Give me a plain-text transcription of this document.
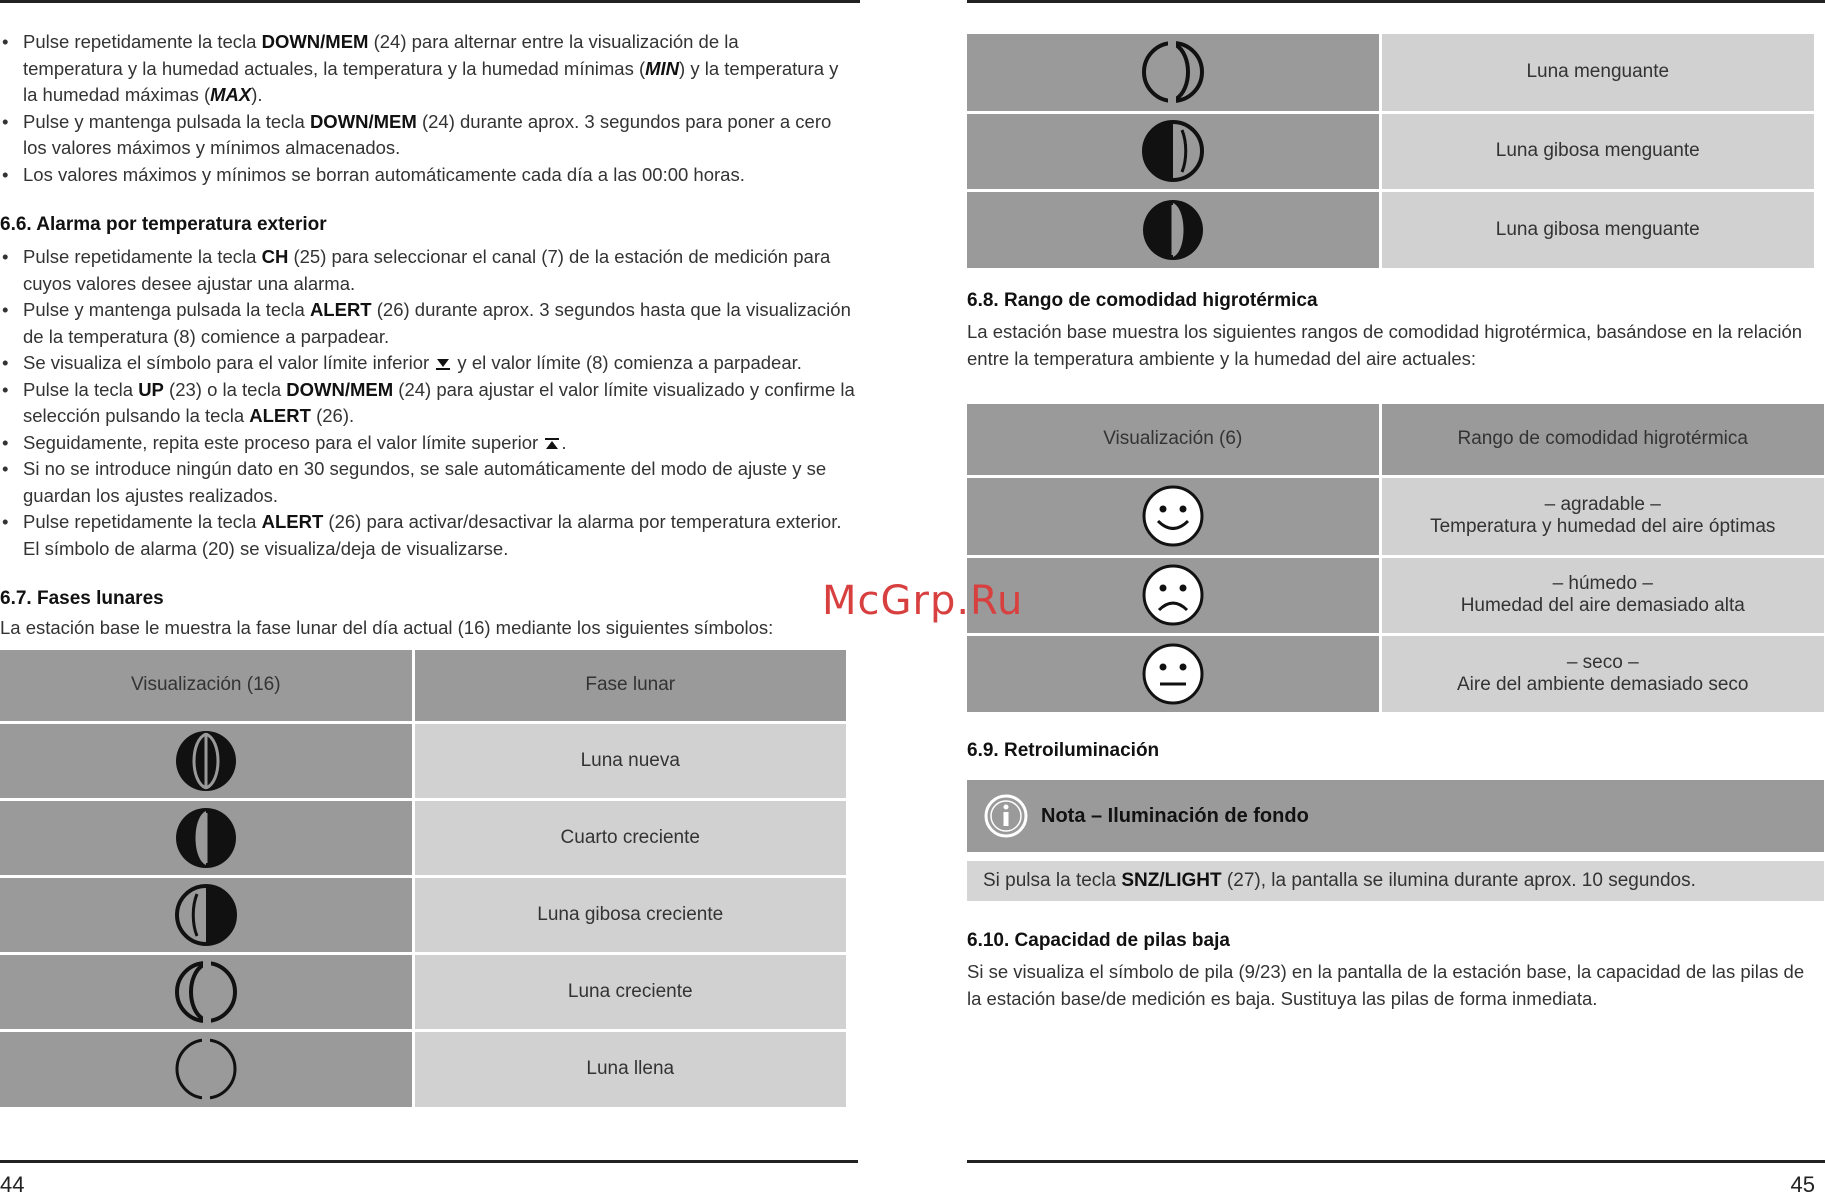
• Pulse repetidamente la tecla DOWN/MEM (24) para alternar entre la visualización de la temperatura y la humedad actuales, la temperatura y la humedad mínimas (MIN) y la temperatura y la humedad máximas (MAX).
• Pulse y mantenga pulsada la tecla DOWN/MEM (24) durante aprox. 3 segundos para poner a cero los valores máximos y mínimos almacenados.
• Los valores máximos y mínimos se borran automáticamente cada día a las 00:00 horas.
6.6. Alarma por temperatura exterior
• Pulse repetidamente la tecla CH (25) para seleccionar el canal (7) de la estación de medición para cuyos valores desee ajustar una alarma.
• Pulse y mantenga pulsada la tecla ALERT (26) durante aprox. 3 segundos hasta que la visualización de la temperatura (8) comience a parpadear.
• Se visualiza el símbolo para el valor límite inferior  y el valor límite (8) comienza a parpadear.
• Pulse la tecla UP (23) o la tecla DOWN/MEM (24) para ajustar el valor límite visualizado y confirme la selección pulsando la tecla ALERT (26).
• Seguidamente, repita este proceso para el valor límite superior .
• Si no se introduce ningún dato en 30 segundos, se sale automáticamente del modo de ajuste y se guardan los ajustes realizados.
• Pulse repetidamente la tecla ALERT (26) para activar/desactivar la alarma por temperatura exterior. El símbolo de alarma (20) se visualiza/deja de visualizarse.
6.7. Fases lunares

La estación base le muestra la fase lunar del día actual (16) mediante los siguientes símbolos:

Visualización (16)	Fase lunar
	Luna nueva
	Cuarto creciente
	Luna gibosa creciente
	Luna creciente
	Luna llena
44
	Luna menguante
	Luna gibosa menguante
	Luna gibosa menguante
6.8. Rango de comodidad higrotérmica

La estación base muestra los siguientes rangos de comodidad higrotérmica, basándose en la relación entre la temperatura ambiente y la humedad del aire actuales:

Visualización (6)	Rango de comodidad higrotérmica

– agradable –
Temperatura y humedad del aire óptimas

– húmedo –
Humedad del aire demasiado alta

– seco –
Aire del ambiente demasiado seco
6.9. Retroiluminación
Nota – Iluminación de fondo
Si pulsa la tecla SNZ/LIGHT (27), la pantalla se ilumina durante aprox. 10 segundos.
6.10. Capacidad de pilas baja

Si se visualiza el símbolo de pila (9/23) en la pantalla de la estación base, la capacidad de las pilas de la estación base/de medición es baja. Sustituya las pilas de forma inmediata.

45
McGrp.Ru
